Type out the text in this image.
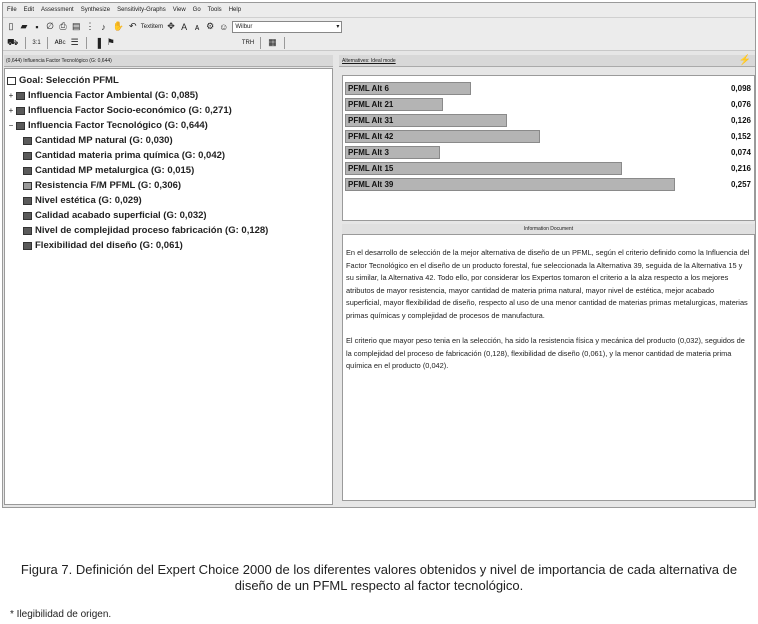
File Edit Assessment Synthesize Sensitivity-Graphs View Go Tools Help
▯ ▰ ▪ ∅ ⎙ ▤ ⋮ ♪ ✋ ↶ Textitem ✥ A ᴀ ⚙ ☺ Wilbur	▾
⛟ 3:1 ᴬᴮᶜ ☰ ▐ ⚑	TRH ▦
(0,644) Influencia Factor Tecnológico (G: 0,644)	Alternatives: Ideal mode	⚡
Goal: Selección PFML
+ Influencia Factor Ambiental (G: 0,085)
+ Influencia Factor Socio-económico (G: 0,271)
− Influencia Factor Tecnológico (G: 0,644)
Cantidad MP natural (G: 0,030)
Cantidad materia prima química (G: 0,042)
Cantidad MP metalurgica (G: 0,015)
Resistencia F/M PFML (G: 0,306)
Nivel estética (G: 0,029)
Calidad acabado superficial (G: 0,032)
Nivel de complejidad proceso fabricación (G: 0,128)
Flexibilidad del diseño (G: 0,061)
PFML Alt 6	0,098
PFML Alt 21	0,076
PFML Alt 31	0,126
PFML Alt 42	0,152
PFML Alt 3	0,074
PFML Alt 15	0,216
PFML Alt 39	0,257
Information Document

En el desarrollo de selección de la mejor alternativa de diseño de un PFML, según el criterio definido como la Influencia del Factor Tecnológico en el diseño de un producto forestal, fue seleccionada la Alternativa 39, seguida de la Alternativa 15 y su similar, la Alternativa 42. Todo ello, por considerar los Expertos tomaron el criterio a la alza respecto a los mejores atributos de mayor resistencia, mayor cantidad de materia prima natural, mayor nivel de estética, mejor acabado superficial, mayor flexibilidad de diseño, respecto al uso de una menor cantidad de materias primas metalurgicas, materias primas químicas y complejidad de procesos de manufactura.

El criterio que mayor peso tenia en la selección, ha sido la resistencia física y mecánica del producto (0,032), seguidos de la complejidad del proceso de fabricación (0,128), flexibilidad de diseño (0,061), y la menor cantidad de materia prima química en el producto (0,042).

Figura 7. Definición del Expert Choice 2000 de los diferentes valores obtenidos y nivel de importancia de cada alternativa de diseño de un PFML respecto al factor tecnológico.
* Ilegibilidad de origen.
